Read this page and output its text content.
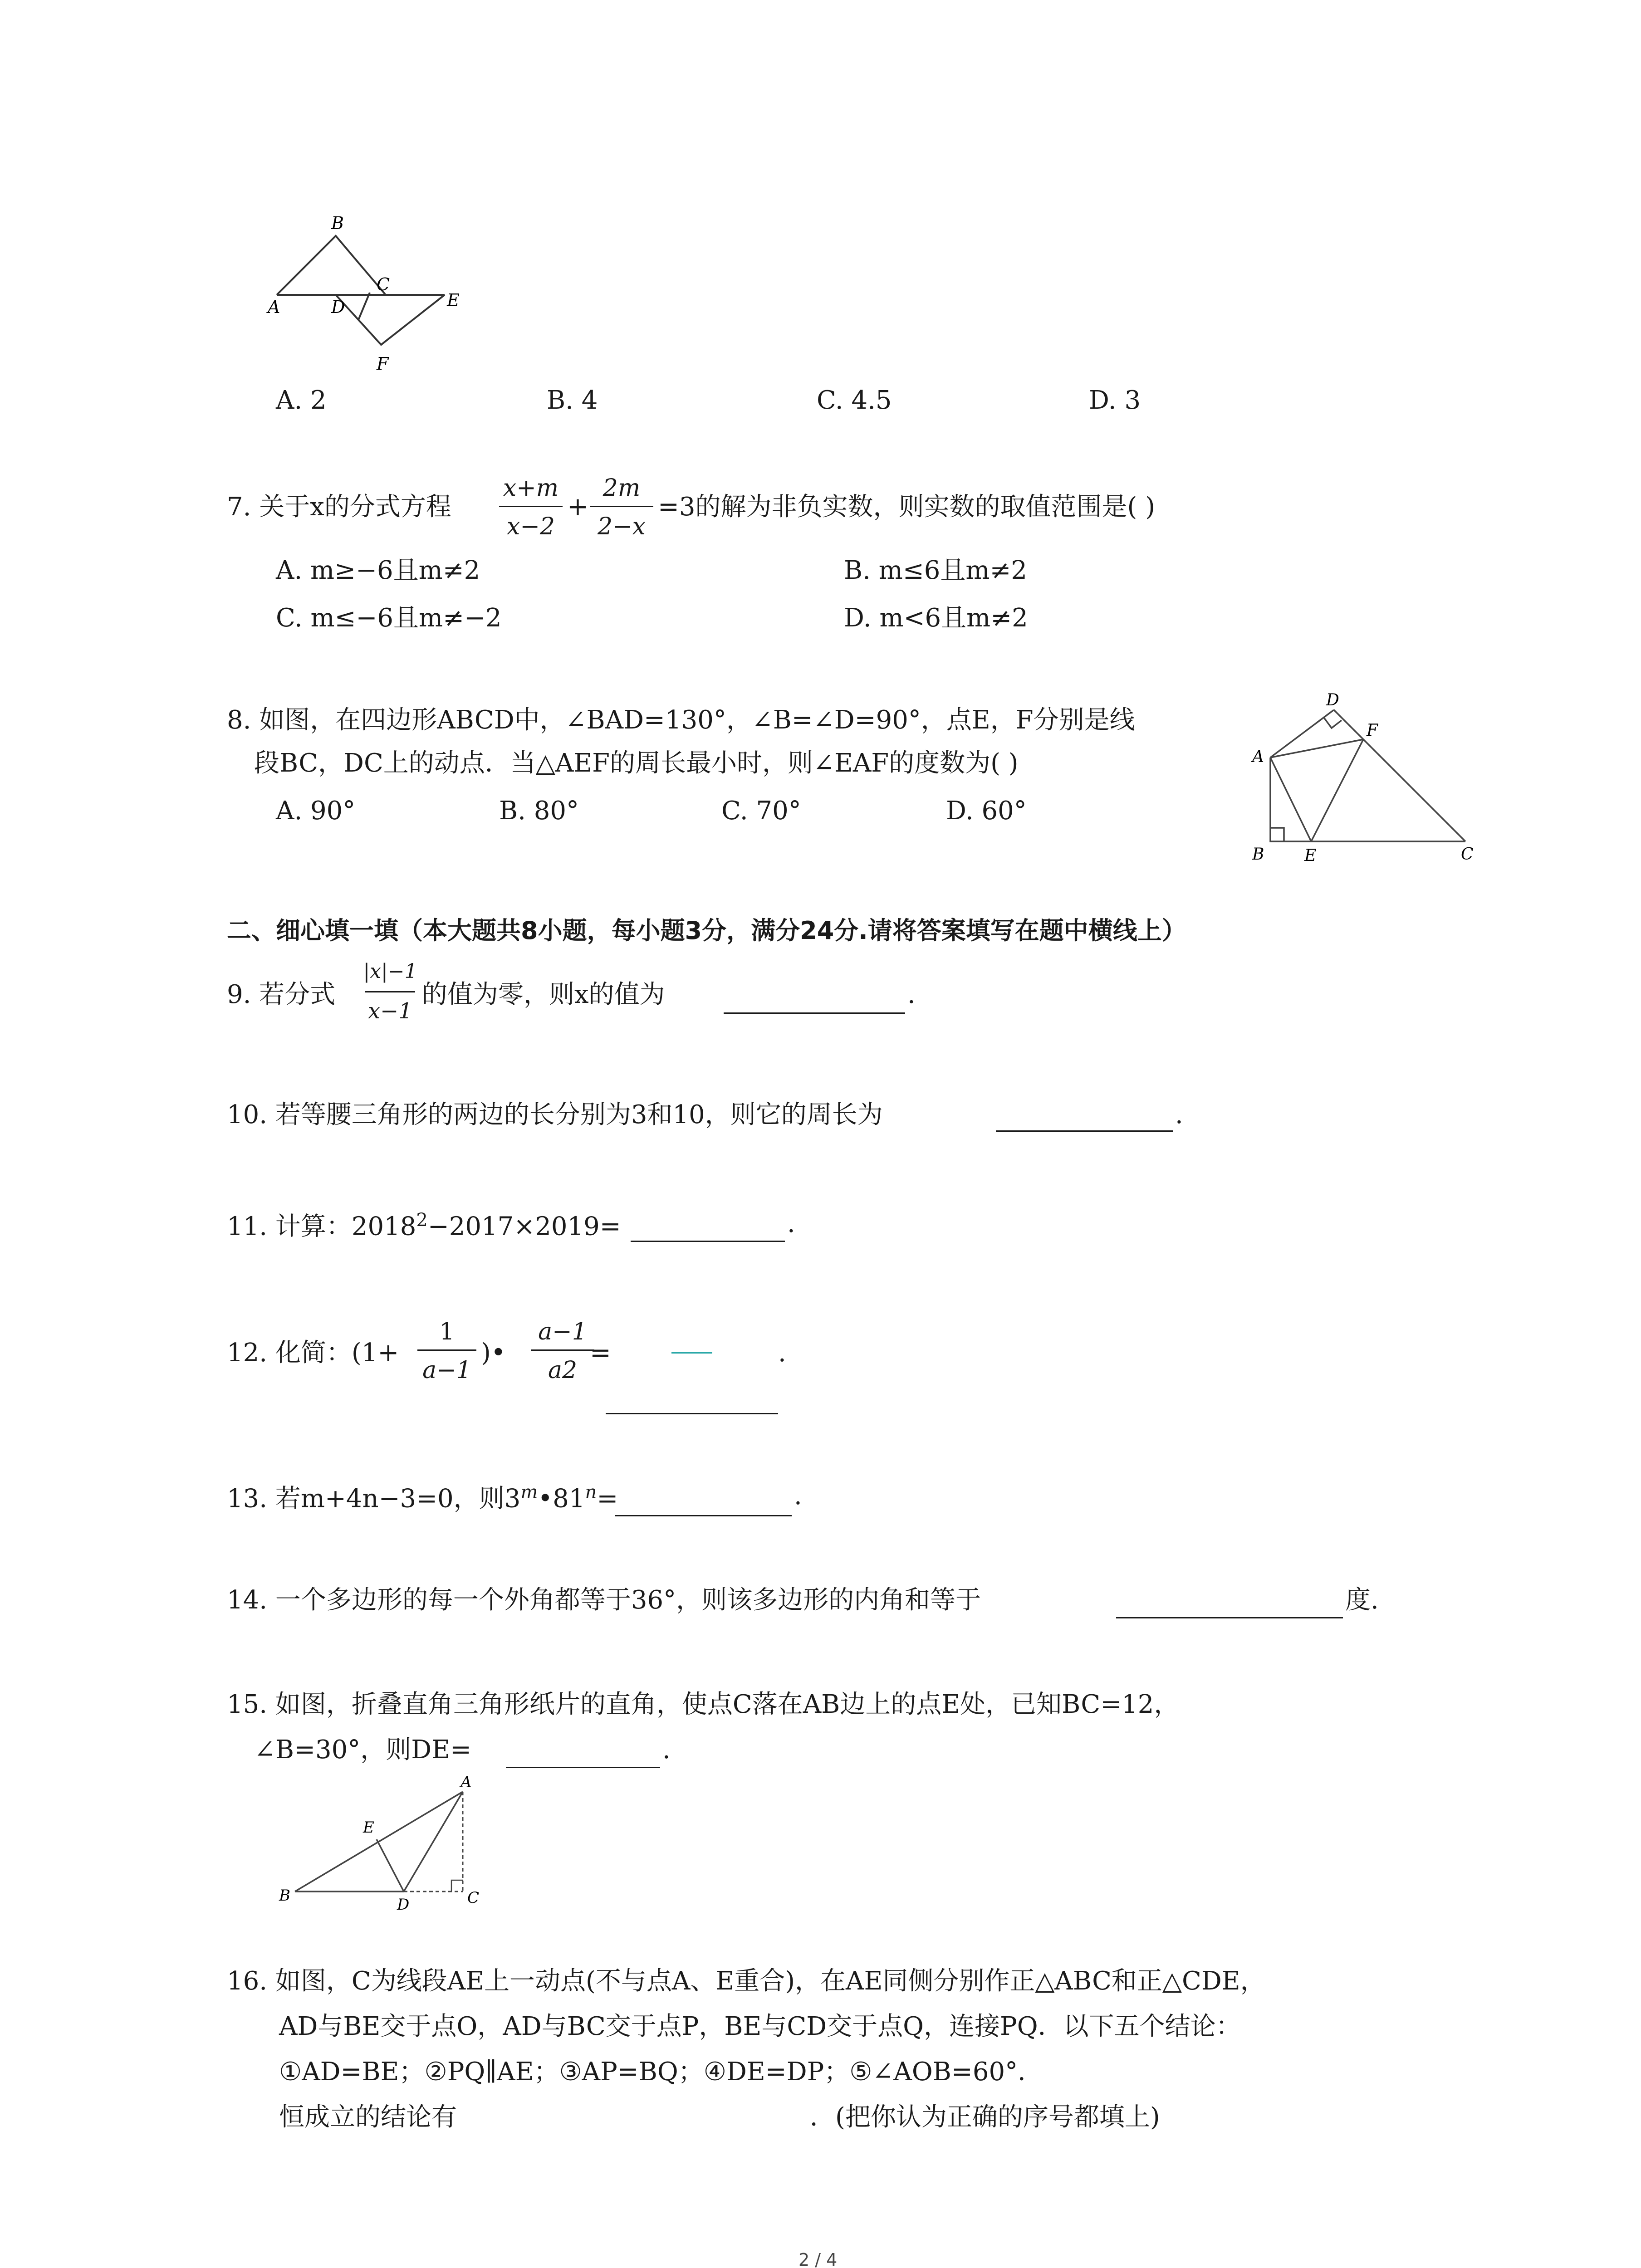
A
B
C
D	E
F
A. 2	B. 4	C. 4.5	D. 3
7. 关于x的分式方程
x+m
x−2
+
2m
2−x
=3的解为非负实数，则实数的取值范围是( )
A. m≥−6且m≠2	B. m≤6且m≠2
C. m≤−6且m≠−2	D. m<6且m≠2
8. 如图，在四边形ABCD中，∠BAD=130°，∠B=∠D=90°，点E，F分别是线
段BC，DC上的动点．当△AEF的周长最小时，则∠EAF的度数为( )
A. 90°	B. 80°	C. 70°	D. 60°
A
B	C
D
E
F
二、细心填一填（本大题共8小题，每小题3分，满分24分.请将答案填写在题中横线上）
9. 若分式
|x|−1
x−1
的值为零，则x的值为	.
10. 若等腰三角形的两边的长分别为3和10，则它的周长为	.
11. 计算：$2018^2-2017\times 2019=$	.
12. 化简：(1+
1
a−1
)•
a−1
a2
=	.
13. 若m+4n−3=0，则$3^m•81^n=$	.
14. 一个多边形的每一个外角都等于36°，则该多边形的内角和等于	度.
15. 如图，折叠直角三角形纸片的直角，使点C落在AB边上的点E处，已知BC=12，
∠B=30°，则DE=	.
B
A
C
D
E
16. 如图，C为线段AE上一动点(不与点A、E重合)，在AE同侧分别作正△ABC和正△CDE，
AD与BE交于点O，AD与BC交于点P，BE与CD交于点Q，连接PQ．以下五个结论：
①AD=BE；②PQ∥AE；③AP=BQ；④DE=DP；⑤∠AOB=60°．
恒成立的结论有	．(把你认为正确的序号都填上)
2 / 4
